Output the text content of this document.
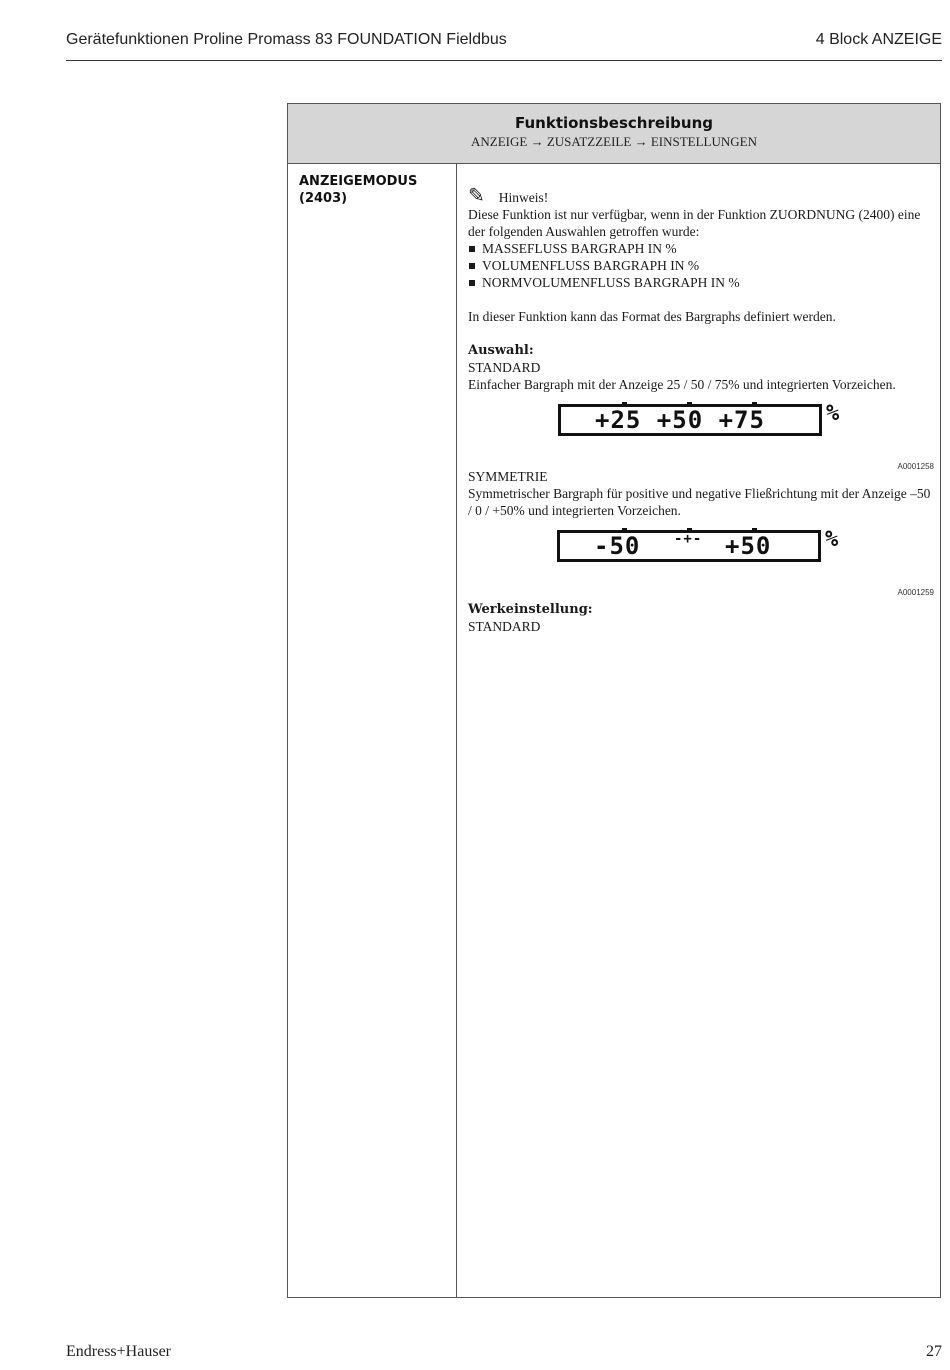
Gerätefunktionen Proline Promass 83 FOUNDATION Fieldbus	4 Block ANZEIGE
Funktionsbeschreibung
ANZEIGE → ZUSATZZEILE → EINSTELLUNGEN
ANZEIGEMODUS
(2403)	✎ Hinweis!

Diese Funktion ist nur verfügbar, wenn in der Funktion ZUORDNUNG (2400) eine der folgenden Auswahlen getroffen wurde:

MASSEFLUSS BARGRAPH IN %
VOLUMENFLUSS BARGRAPH IN %
NORMVOLUMENFLUSS BARGRAPH IN %

In dieser Funktion kann das Format des Bargraphs definiert werden.

Auswahl:

STANDARD

Einfacher Bargraph mit der Anzeige 25 / 50 / 75% und integrierten Vorzeichen.

+25 +50 +75	%
A0001258

SYMMETRIE

Symmetrischer Bargraph für positive und negative Fließrichtung mit der Anzeige –50 / 0 / +50% und integrierten Vorzeichen.

-50 -+- +50 %
A0001259

Werkeinstellung:

STANDARD

Endress+Hauser	27
